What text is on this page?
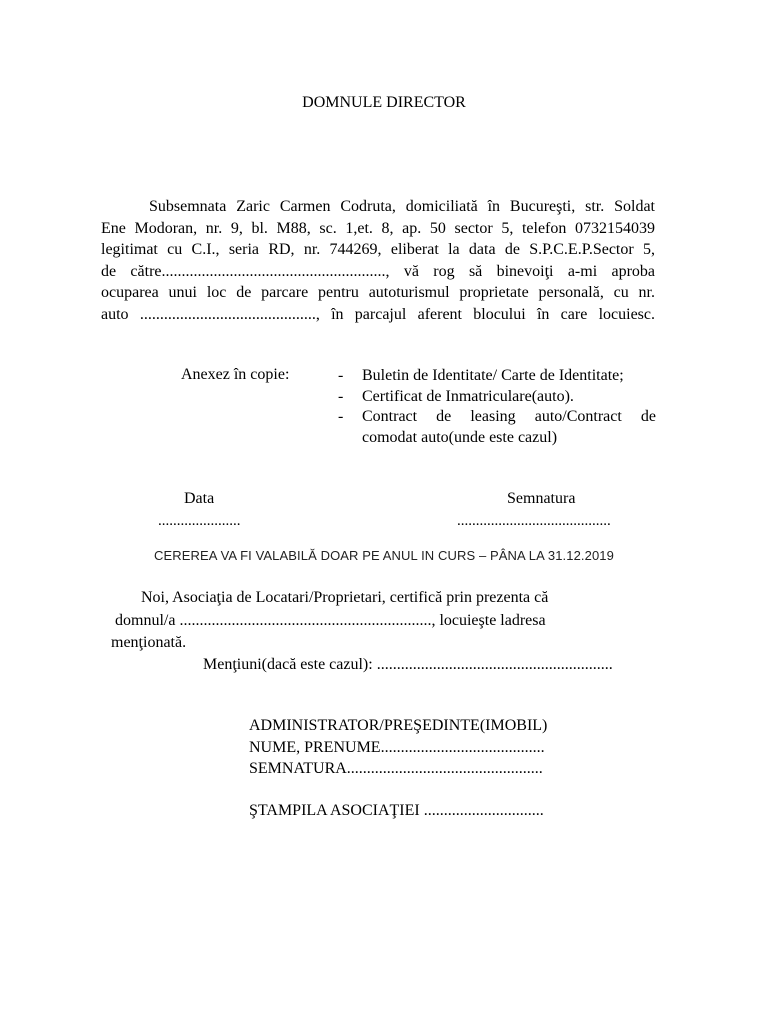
DOMNULE DIRECTOR
Subsemnata Zaric Carmen Codruta, domiciliată în Bucureşti, str. Soldat
Ene Modoran, nr. 9, bl. M88, sc. 1,et. 8, ap. 50 sector 5, telefon 0732154039
legitimat cu C.I., seria RD, nr. 744269, eliberat la data de S.P.C.E.P.Sector 5,
de către........................................................, vă rog să binevoiţi a-mi aproba
ocuparea unui loc de parcare pentru autoturismul proprietate personală, cu nr.
auto ............................................, în parcajul aferent blocului în care locuiesc.
Anexez în copie:	- Buletin de Identitate/ Carte de Identitate;
- Certificat de Inmatriculare(auto).
- Contract de leasing auto/Contract de
comodat auto(unde este cazul)
Data
......................
Semnatura
.........................................
CEREREA VA FI VALABILĂ DOAR PE ANUL IN CURS – PÂNA LA 31.12.2019
Noi, Asociaţia de Locatari/Proprietari, certifică prin prezenta că
domnul/a ..............................................................., locuieşte ladresa
menţionată.
Menţiuni(dacă este cazul): ...........................................................
ADMINISTRATOR/PREŞEDINTE(IMOBIL)
NUME, PRENUME.........................................
SEMNATURA.................................................
ŞTAMPILA ASOCIAŢIEI ..............................
